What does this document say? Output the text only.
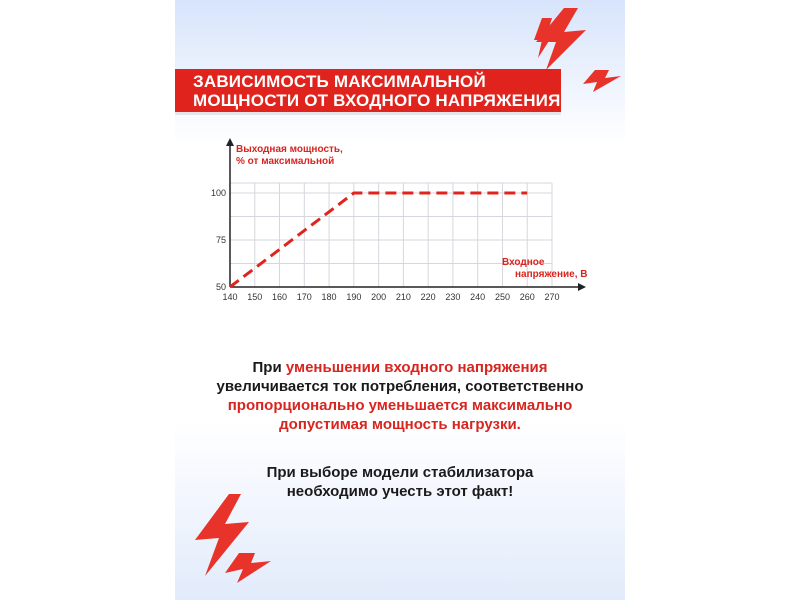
ЗАВИСИМОСТЬ МАКСИМАЛЬНОЙ
МОЩНОСТИ ОТ ВХОДНОГО НАПРЯЖЕНИЯ
Выходная мощность,
% от максимальной
Входное
напряжение, В
140 150 160 170 180 190 200 210 220 230 240 250 260 270
50
75
100
При уменьшении входного напряжения
увеличивается ток потребления, соответственно
пропорционально уменьшается максимально
допустимая мощность нагрузки.
При выборе модели стабилизатора
необходимо учесть этот факт!
